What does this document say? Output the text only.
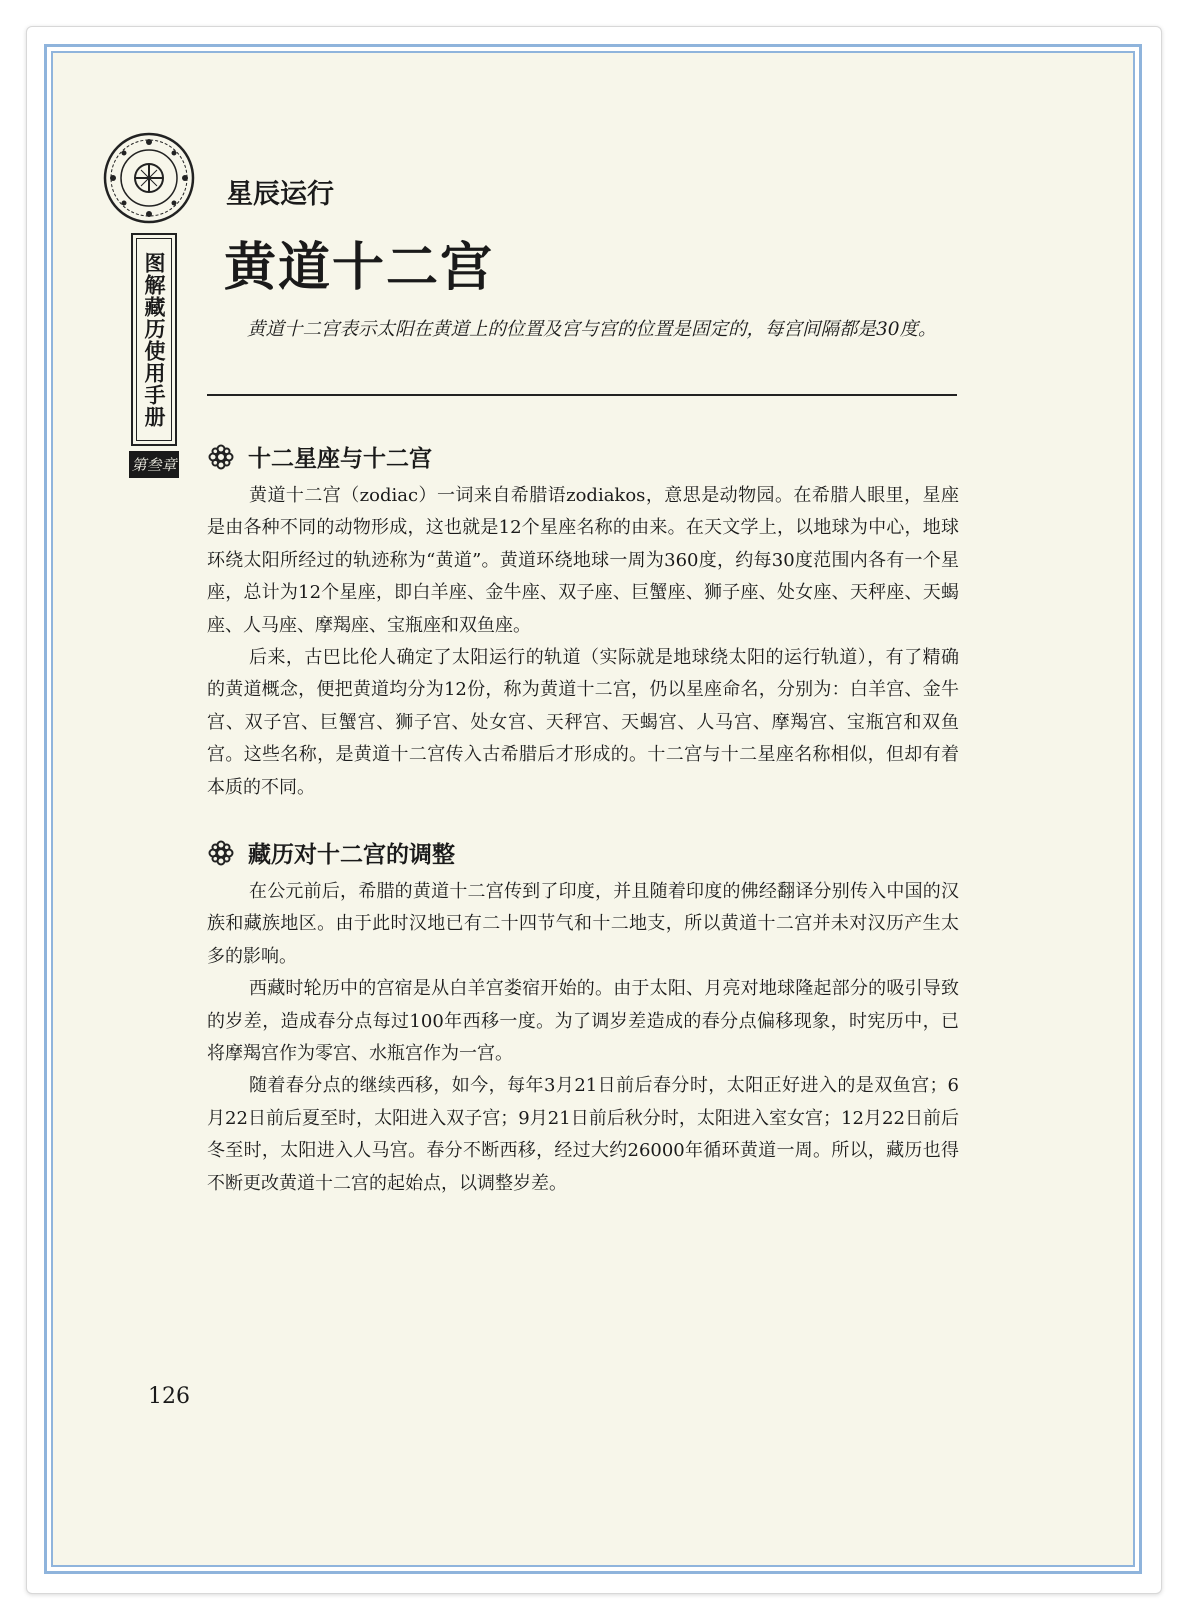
图解藏历使用手册
第叁章
星辰运行
黄道十二宫
黄道十二宫表示太阳在黄道上的位置及宫与宫的位置是固定的，每宫间隔都是30度。
十二星座与十二宫

黄道十二宫（zodiac）一词来自希腊语zodiakos，意思是动物园。在希腊人眼里，星座是由各种不同的动物形成，这也就是12个星座名称的由来。在天文学上，以地球为中心，地球环绕太阳所经过的轨迹称为“黄道”。黄道环绕地球一周为360度，约每30度范围内各有一个星座，总计为12个星座，即白羊座、金牛座、双子座、巨蟹座、狮子座、处女座、天秤座、天蝎座、人马座、摩羯座、宝瓶座和双鱼座。

后来，古巴比伦人确定了太阳运行的轨道（实际就是地球绕太阳的运行轨道），有了精确的黄道概念，便把黄道均分为12份，称为黄道十二宫，仍以星座命名，分别为：白羊宫、金牛宫、双子宫、巨蟹宫、狮子宫、处女宫、天秤宫、天蝎宫、人马宫、摩羯宫、宝瓶宫和双鱼宫。这些名称，是黄道十二宫传入古希腊后才形成的。十二宫与十二星座名称相似，但却有着本质的不同。

藏历对十二宫的调整

在公元前后，希腊的黄道十二宫传到了印度，并且随着印度的佛经翻译分别传入中国的汉族和藏族地区。由于此时汉地已有二十四节气和十二地支，所以黄道十二宫并未对汉历产生太多的影响。

西藏时轮历中的宫宿是从白羊宫娄宿开始的。由于太阳、月亮对地球隆起部分的吸引导致的岁差，造成春分点每过100年西移一度。为了调岁差造成的春分点偏移现象，时宪历中，已将摩羯宫作为零宫、水瓶宫作为一宫。

随着春分点的继续西移，如今，每年3月21日前后春分时，太阳正好进入的是双鱼宫；6月22日前后夏至时，太阳进入双子宫；9月21日前后秋分时，太阳进入室女宫；12月22日前后冬至时，太阳进入人马宫。春分不断西移，经过大约26000年循环黄道一周。所以，藏历也得不断更改黄道十二宫的起始点，以调整岁差。

126
